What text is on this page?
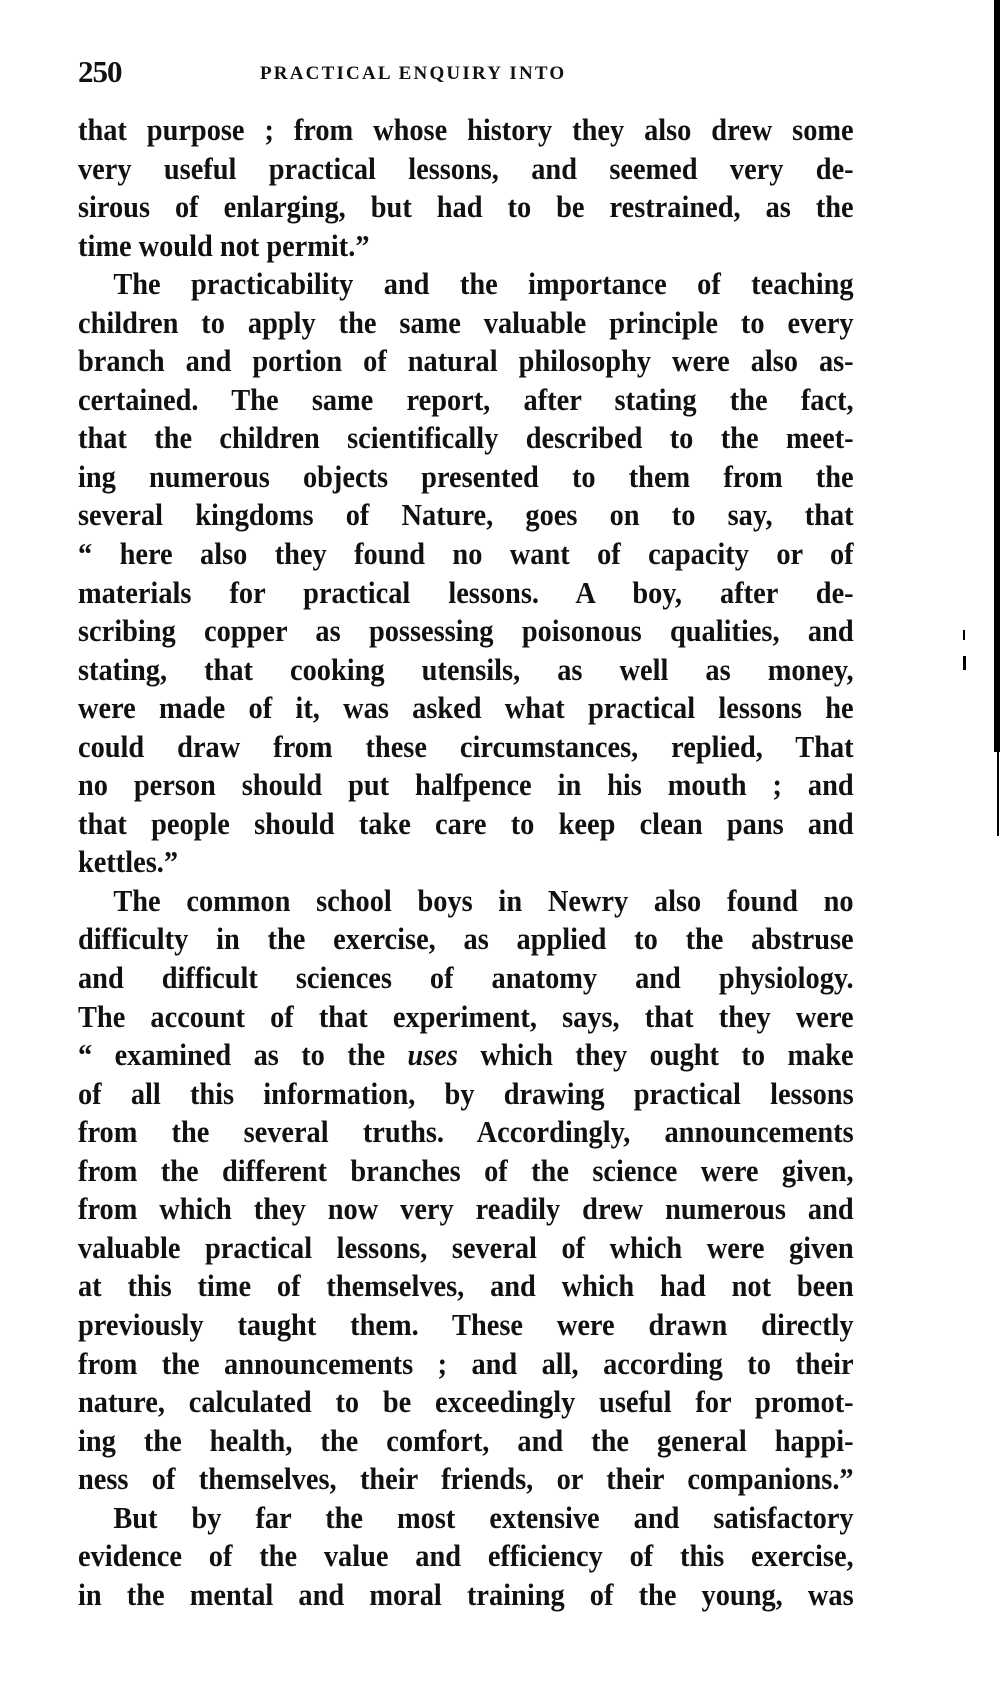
250	PRACTICAL ENQUIRY INTO
that purpose ; from whose history they also drew some
very useful practical lessons, and seemed very de-
sirous of enlarging, but had to be restrained, as the
time would not permit.”
The practicability and the importance of teaching
children to apply the same valuable principle to every
branch and portion of natural philosophy were also as-
certained. The same report, after stating the fact,
that the children scientifically described to the meet-
ing numerous objects presented to them from the
several kingdoms of Nature, goes on to say, that
“ here also they found no want of capacity or of
materials for practical lessons. A boy, after de-
scribing copper as possessing poisonous qualities, and
stating, that cooking utensils, as well as money,
were made of it, was asked what practical lessons he
could draw from these circumstances, replied, That
no person should put halfpence in his mouth ; and
that people should take care to keep clean pans and
kettles.”
The common school boys in Newry also found no
difficulty in the exercise, as applied to the abstruse
and difficult sciences of anatomy and physiology.
The account of that experiment, says, that they were
“ examined as to the uses which they ought to make
of all this information, by drawing practical lessons
from the several truths. Accordingly, announcements
from the different branches of the science were given,
from which they now very readily drew numerous and
valuable practical lessons, several of which were given
at this time of themselves, and which had not been
previously taught them. These were drawn directly
from the announcements ; and all, according to their
nature, calculated to be exceedingly useful for promot-
ing the health, the comfort, and the general happi-
ness of themselves, their friends, or their companions.”
But by far the most extensive and satisfactory
evidence of the value and efficiency of this exercise,
in the mental and moral training of the young, was
